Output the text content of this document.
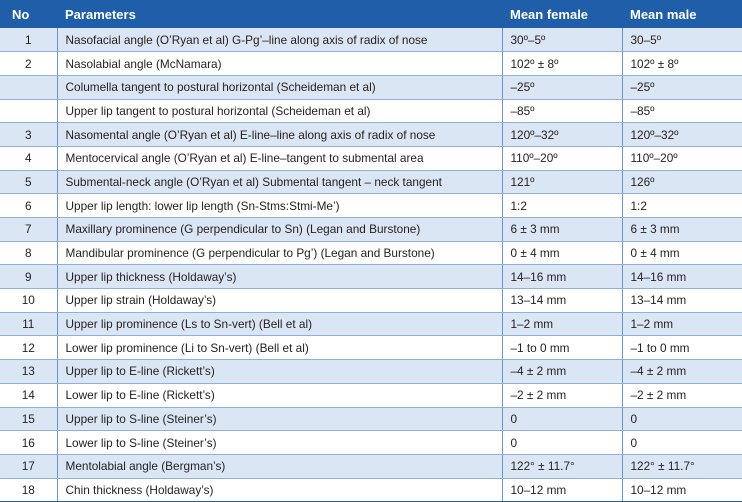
No	Parameters	Mean female	Mean male
1	Nasofacial angle (O’Ryan et al) G-Pg’–line along axis of radix of nose	30º–5º	30–5º
2	Nasolabial angle (McNamara)	102º ± 8º	102º ± 8º
	Columella tangent to postural horizontal (Scheideman et al)	–25º	–25º
	Upper lip tangent to postural horizontal (Scheideman et al)	–85º	–85º
3	Nasomental angle (O’Ryan et al) E-line–line along axis of radix of nose	120º–32º	120º–32º
4	Mentocervical angle (O’Ryan et al) E-line–tangent to submental area	110º–20º	110º–20º
5	Submental-neck angle (O’Ryan et al) Submental tangent – neck tangent	121º	126º
6	Upper lip length: lower lip length (Sn-Stms:Stmi-Me’)	1:2	1:2
7	Maxillary prominence (G perpendicular to Sn) (Legan and Burstone)	6 ± 3 mm	6 ± 3 mm
8	Mandibular prominence (G perpendicular to Pg’) (Legan and Burstone)	0 ± 4 mm	0 ± 4 mm
9	Upper lip thickness (Holdaway’s)	14–16 mm	14–16 mm
10	Upper lip strain (Holdaway’s)	13–14 mm	13–14 mm
11	Upper lip prominence (Ls to Sn-vert) (Bell et al)	1–2 mm	1–2 mm
12	Lower lip prominence (Li to Sn-vert) (Bell et al)	–1 to 0 mm	–1 to 0 mm
13	Upper lip to E-line (Rickett’s)	–4 ± 2 mm	–4 ± 2 mm
14	Lower lip to E-line (Rickett’s)	–2 ± 2 mm	–2 ± 2 mm
15	Upper lip to S-line (Steiner’s)	0	0
16	Lower lip to S-line (Steiner’s)	0	0
17	Mentolabial angle (Bergman’s)	122° ± 11.7°	122° ± 11.7°
18	Chin thickness (Holdaway’s)	10–12 mm	10–12 mm
